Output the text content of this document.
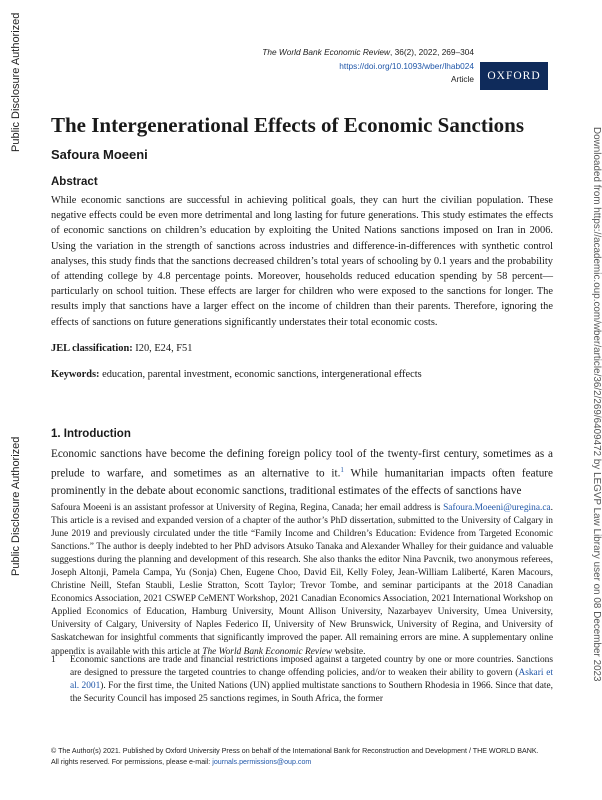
Public Disclosure Authorized
Public Disclosure Authorized	Downloaded from https://academic.oup.com/wber/article/36/2/269/6409472 by LEGVP Law Library user on 08 December 2023
The World Bank Economic Review, 36(2), 2022, 269–304
https://doi.org/10.1093/wber/lhab024
Article	OXFORD
The Intergenerational Effects of Economic Sanctions
Safoura Moeeni
Abstract

While economic sanctions are successful in achieving political goals, they can hurt the civilian population. These negative effects could be even more detrimental and long lasting for future generations. This study estimates the effects of economic sanctions on children’s education by exploiting the United Nations sanctions imposed on Iran in 2006. Using the variation in the strength of sanctions across industries and difference-in-differences with synthetic control analyses, this study finds that the sanctions decreased children’s total years of schooling by 0.1 years and the probability of attending college by 4.8 percentage points. Moreover, households reduced education spending by 58 percent—particularly on school tuition. These effects are larger for children who were exposed to the sanctions for longer. The results imply that sanctions have a larger effect on the income of children than their parents. Therefore, ignoring the effects of sanctions on future generations significantly understates their total economic costs.

JEL classification: I20, E24, F51
Keywords: education, parental investment, economic sanctions, intergenerational effects
1. Introduction

Economic sanctions have become the defining foreign policy tool of the twenty-first century, sometimes as a prelude to warfare, and sometimes as an alternative to it.$^1$ While humanitarian impacts often feature prominently in the debate about economic sanctions, traditional estimates of the effects of sanctions have

Safoura Moeeni is an assistant professor at University of Regina, Regina, Canada; her email address is Safoura.Moeeni@uregina.ca. This article is a revised and expanded version of a chapter of the author’s PhD dissertation, submitted to the University of Calgary in June 2019 and previously circulated under the title “Family Income and Children’s Education: Evidence from Targeted Economic Sanctions.” The author is deeply indebted to her PhD advisors Atsuko Tanaka and Alexander Whalley for their guidance and valuable suggestions during the planning and development of this research. She also thanks the editor Nina Pavcnik, two anonymous referees, Joseph Altonji, Pamela Campa, Yu (Sonja) Chen, Eugene Choo, David Eil, Kelly Foley, Jean-William Laliberté, Karen Macours, Christine Neill, Stefan Staubli, Leslie Stratton, Scott Taylor; Trevor Tombe, and seminar participants at the 2018 Canadian Economics Association, 2021 CSWEP CeMENT Workshop, 2021 Canadian Economics Association, 2021 International Workshop on Applied Economics of Education, Hamburg University, Mount Allison University, Nazarbayev University, Umea University, University of Calgary, University of Naples Federico II, University of New Brunswick, University of Regina, and University of Saskatchewan for insightful comments that significantly improved the paper. All remaining errors are mine. A supplementary online appendix is available with this article at The World Bank Economic Review website.

1 Economic sanctions are trade and financial restrictions imposed against a targeted country by one or more countries. Sanctions are designed to pressure the targeted countries to change offending policies, and/or to weaken their ability to govern (Askari et al. 2001). For the first time, the United Nations (UN) applied multistate sanctions to Southern Rhodesia in 1966. Since that date, the Security Council has imposed 25 sanctions regimes, in South Africa, the former

© The Author(s) 2021. Published by Oxford University Press on behalf of the International Bank for Reconstruction and Development / THE WORLD BANK.
All rights reserved. For permissions, please e-mail: journals.permissions@oup.com
